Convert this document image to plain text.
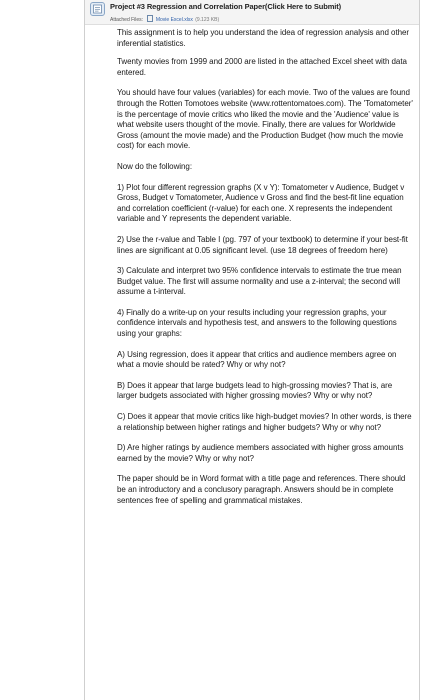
Project #3 Regression and Correlation Paper(Click Here to Submit)
Attached Files:	Movie Excel.xlsx (9.123 KB)

This assignment is to help you understand the idea of regression analysis and other inferential statistics.

Twenty movies from 1999 and 2000 are listed in the attached Excel sheet with data entered.

You should have four values (variables) for each movie. Two of the values are found through the Rotten Tomotoes website (www.rottentomatoes.com). The 'Tomatometer' is the percentage of movie critics who liked the movie and the 'Audience' value is what website users thought of the movie. Finally, there are values for Worldwide Gross (amount the movie made) and the Production Budget (how much the movie cost) for each movie.

Now do the following:

1) Plot four different regression graphs (X v Y): Tomatometer v Audience, Budget v Gross, Budget v Tomatometer, Audience v Gross and find the best-fit line equation and correlation coefficient (r-value) for each one. X represents the independent variable and Y represents the dependent variable.

2) Use the r-value and Table I (pg. 797 of your textbook) to determine if your best-fit lines are significant at 0.05 significant level. (use 18 degrees of freedom here)

3) Calculate and interpret two 95% confidence intervals to estimate the true mean Budget value. The first will assume normality and use a z-interval; the second will assume a t-interval.

4) Finally do a write-up on your results including your regression graphs, your confidence intervals and hypothesis test, and answers to the following questions using your graphs:

A) Using regression, does it appear that critics and audience members agree on what a movie should be rated? Why or why not?

B) Does it appear that large budgets lead to high-grossing movies? That is, are larger budgets associated with higher grossing movies? Why or why not?

C) Does it appear that movie critics like high-budget movies? In other words, is there a relationship between higher ratings and higher budgets? Why or why not?

D) Are higher ratings by audience members associated with higher gross amounts earned by the movie? Why or why not?

The paper should be in Word format with a title page and references. There should be an introductory and a conclusory paragraph. Answers should be in complete sentences free of spelling and grammatical mistakes.
